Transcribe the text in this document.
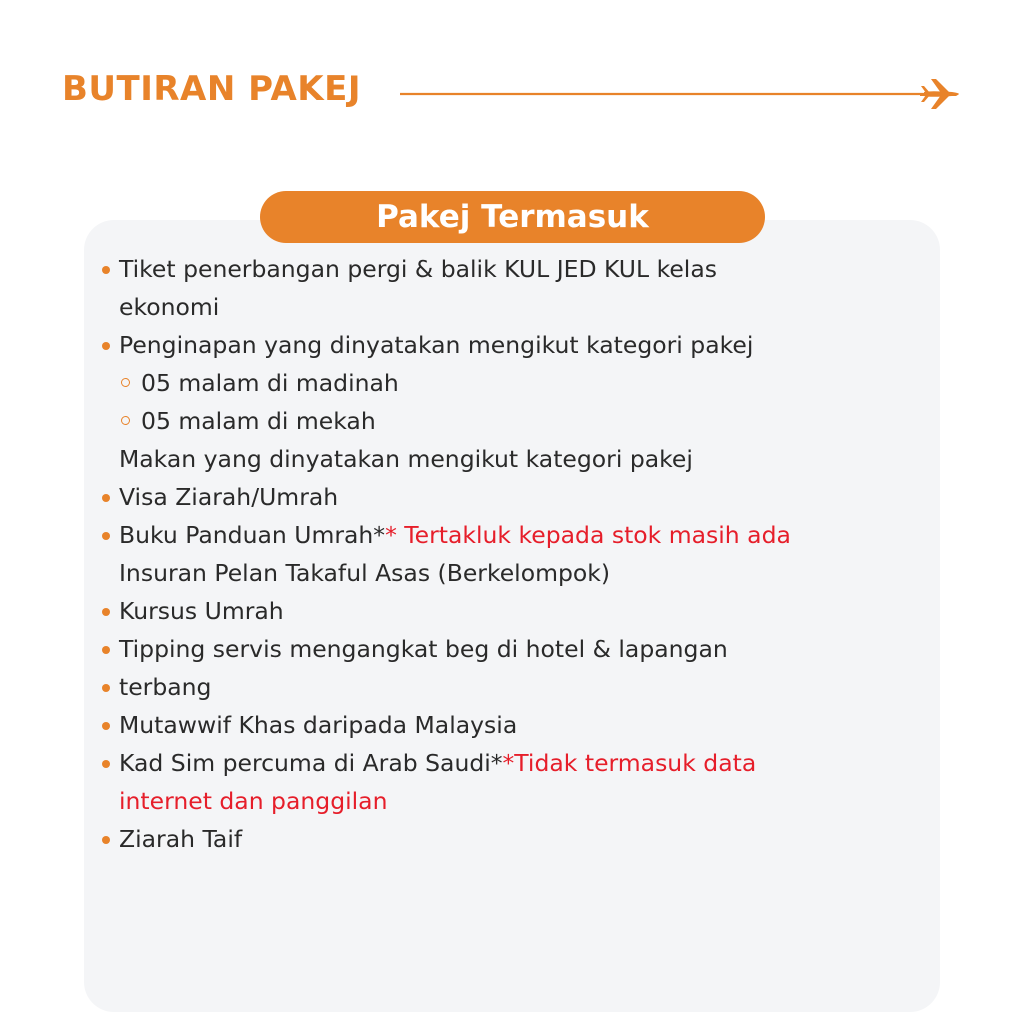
BUTIRAN PAKEJ
Pakej Termasuk
Tiket penerbangan pergi & balik KUL JED KUL kelas
ekonomi
Penginapan yang dinyatakan mengikut kategori pakej
05 malam di madinah
05 malam di mekah
Makan yang dinyatakan mengikut kategori pakej
Visa Ziarah/Umrah
Buku Panduan Umrah** Tertakluk kepada stok masih ada
Insuran Pelan Takaful Asas (Berkelompok)
Kursus Umrah
Tipping servis mengangkat beg di hotel & lapangan
terbang
Mutawwif Khas daripada Malaysia
Kad Sim percuma di Arab Saudi**Tidak termasuk data
internet dan panggilan
Ziarah Taif
